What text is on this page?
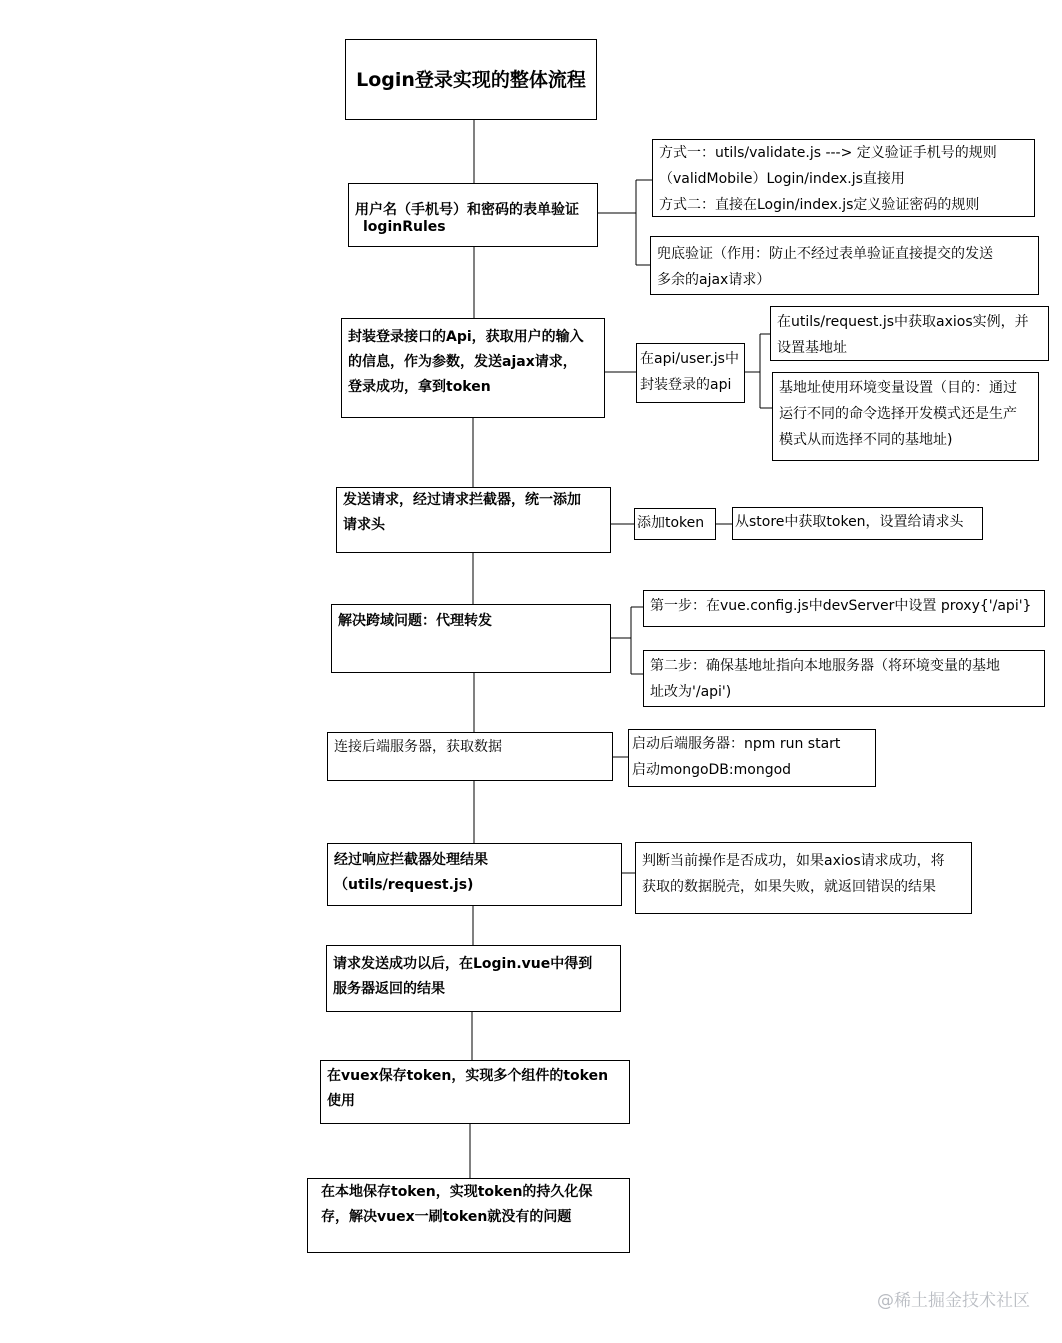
Login登录实现的整体流程
用户名（手机号）和密码的表单验证
loginRules
封装登录接口的Api，获取用户的输入
的信息，作为参数，发送ajax请求，
登录成功，拿到token
发送请求，经过请求拦截器，统一添加
请求头
解决跨域问题：代理转发
连接后端服务器，获取数据
经过响应拦截器处理结果
（utils/request.js)
请求发送成功以后，在Login.vue中得到
服务器返回的结果
在vuex保存token，实现多个组件的token
使用
在本地保存token，实现token的持久化保
存，解决vuex一刷token就没有的问题
方式一：utils/validate.js ---> 定义验证手机号的规则
（validMobile）Login/index.js直接用
方式二：直接在Login/index.js定义验证密码的规则
兜底验证（作用：防止不经过表单验证直接提交的发送
多余的ajax请求）
在api/user.js中
封装登录的api
在utils/request.js中获取axios实例，并
设置基地址
基地址使用环境变量设置（目的：通过
运行不同的命令选择开发模式还是生产
模式从而选择不同的基地址)
添加token	从store中获取token，设置给请求头
第一步：在vue.config.js中devServer中设置 proxy{'/api'}
第二步：确保基地址指向本地服务器（将环境变量的基地
址改为'/api')
启动后端服务器：npm run start
启动mongoDB:mongod
判断当前操作是否成功，如果axios请求成功，将
获取的数据脱壳，如果失败，就返回错误的结果
@稀土掘金技术社区
